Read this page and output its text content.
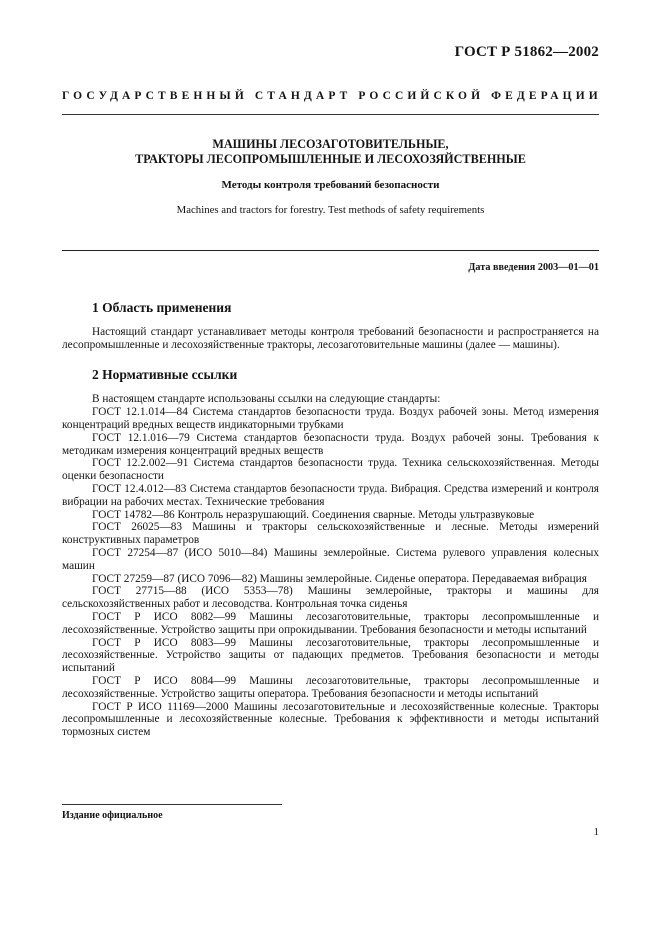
ГОСТ Р 51862—2002
ГОСУДАРСТВЕННЫЙ СТАНДАРТ РОССИЙСКОЙ ФЕДЕРАЦИИ
МАШИНЫ ЛЕСОЗАГОТОВИТЕЛЬНЫЕ,
ТРАКТОРЫ ЛЕСОПРОМЫШЛЕННЫЕ И ЛЕСОХОЗЯЙСТВЕННЫЕ
Методы контроля требований безопасности
Machines and tractors for forestry. Test methods of safety requirements
Дата введения 2003—01—01
1 Область применения

Настоящий стандарт устанавливает методы контроля требований безопасности и распространяется на лесопромышленные и лесохозяйственные тракторы, лесозаготовительные машины (далее — машины).

2 Нормативные ссылки

В настоящем стандарте использованы ссылки на следующие стандарты:

ГОСТ 12.1.014—84 Система стандартов безопасности труда. Воздух рабочей зоны. Метод измерения концентраций вредных веществ индикаторными трубками

ГОСТ 12.1.016—79 Система стандартов безопасности труда. Воздух рабочей зоны. Требования к методикам измерения концентраций вредных веществ

ГОСТ 12.2.002—91 Система стандартов безопасности труда. Техника сельскохозяйственная. Методы оценки безопасности

ГОСТ 12.4.012—83 Система стандартов безопасности труда. Вибрация. Средства измерений и контроля вибрации на рабочих местах. Технические требования

ГОСТ 14782—86 Контроль неразрушающий. Соединения сварные. Методы ультразвуковые

ГОСТ 26025—83 Машины и тракторы сельскохозяйственные и лесные. Методы измерений конструктивных параметров

ГОСТ 27254—87 (ИСО 5010—84) Машины землеройные. Система рулевого управления колесных машин

ГОСТ 27259—87 (ИСО 7096—82) Машины землеройные. Сиденье оператора. Передаваемая вибрация

ГОСТ 27715—88 (ИСО 5353—78) Машины землеройные, тракторы и машины для сельскохозяйственных работ и лесоводства. Контрольная точка сиденья

ГОСТ Р ИСО 8082—99 Машины лесозаготовительные, тракторы лесопромышленные и лесохозяйственные. Устройство защиты при опрокидывании. Требования безопасности и методы испытаний

ГОСТ Р ИСО 8083—99 Машины лесозаготовительные, тракторы лесопромышленные и лесохозяйственные. Устройство защиты от падающих предметов. Требования безопасности и методы испытаний

ГОСТ Р ИСО 8084—99 Машины лесозаготовительные, тракторы лесопромышленные и лесохозяйственные. Устройство защиты оператора. Требования безопасности и методы испытаний

ГОСТ Р ИСО 11169—2000 Машины лесозаготовительные и лесохозяйственные колесные. Тракторы лесопромышленные и лесохозяйственные колесные. Требования к эффективности и методы испытаний тормозных систем

Издание официальное
1
